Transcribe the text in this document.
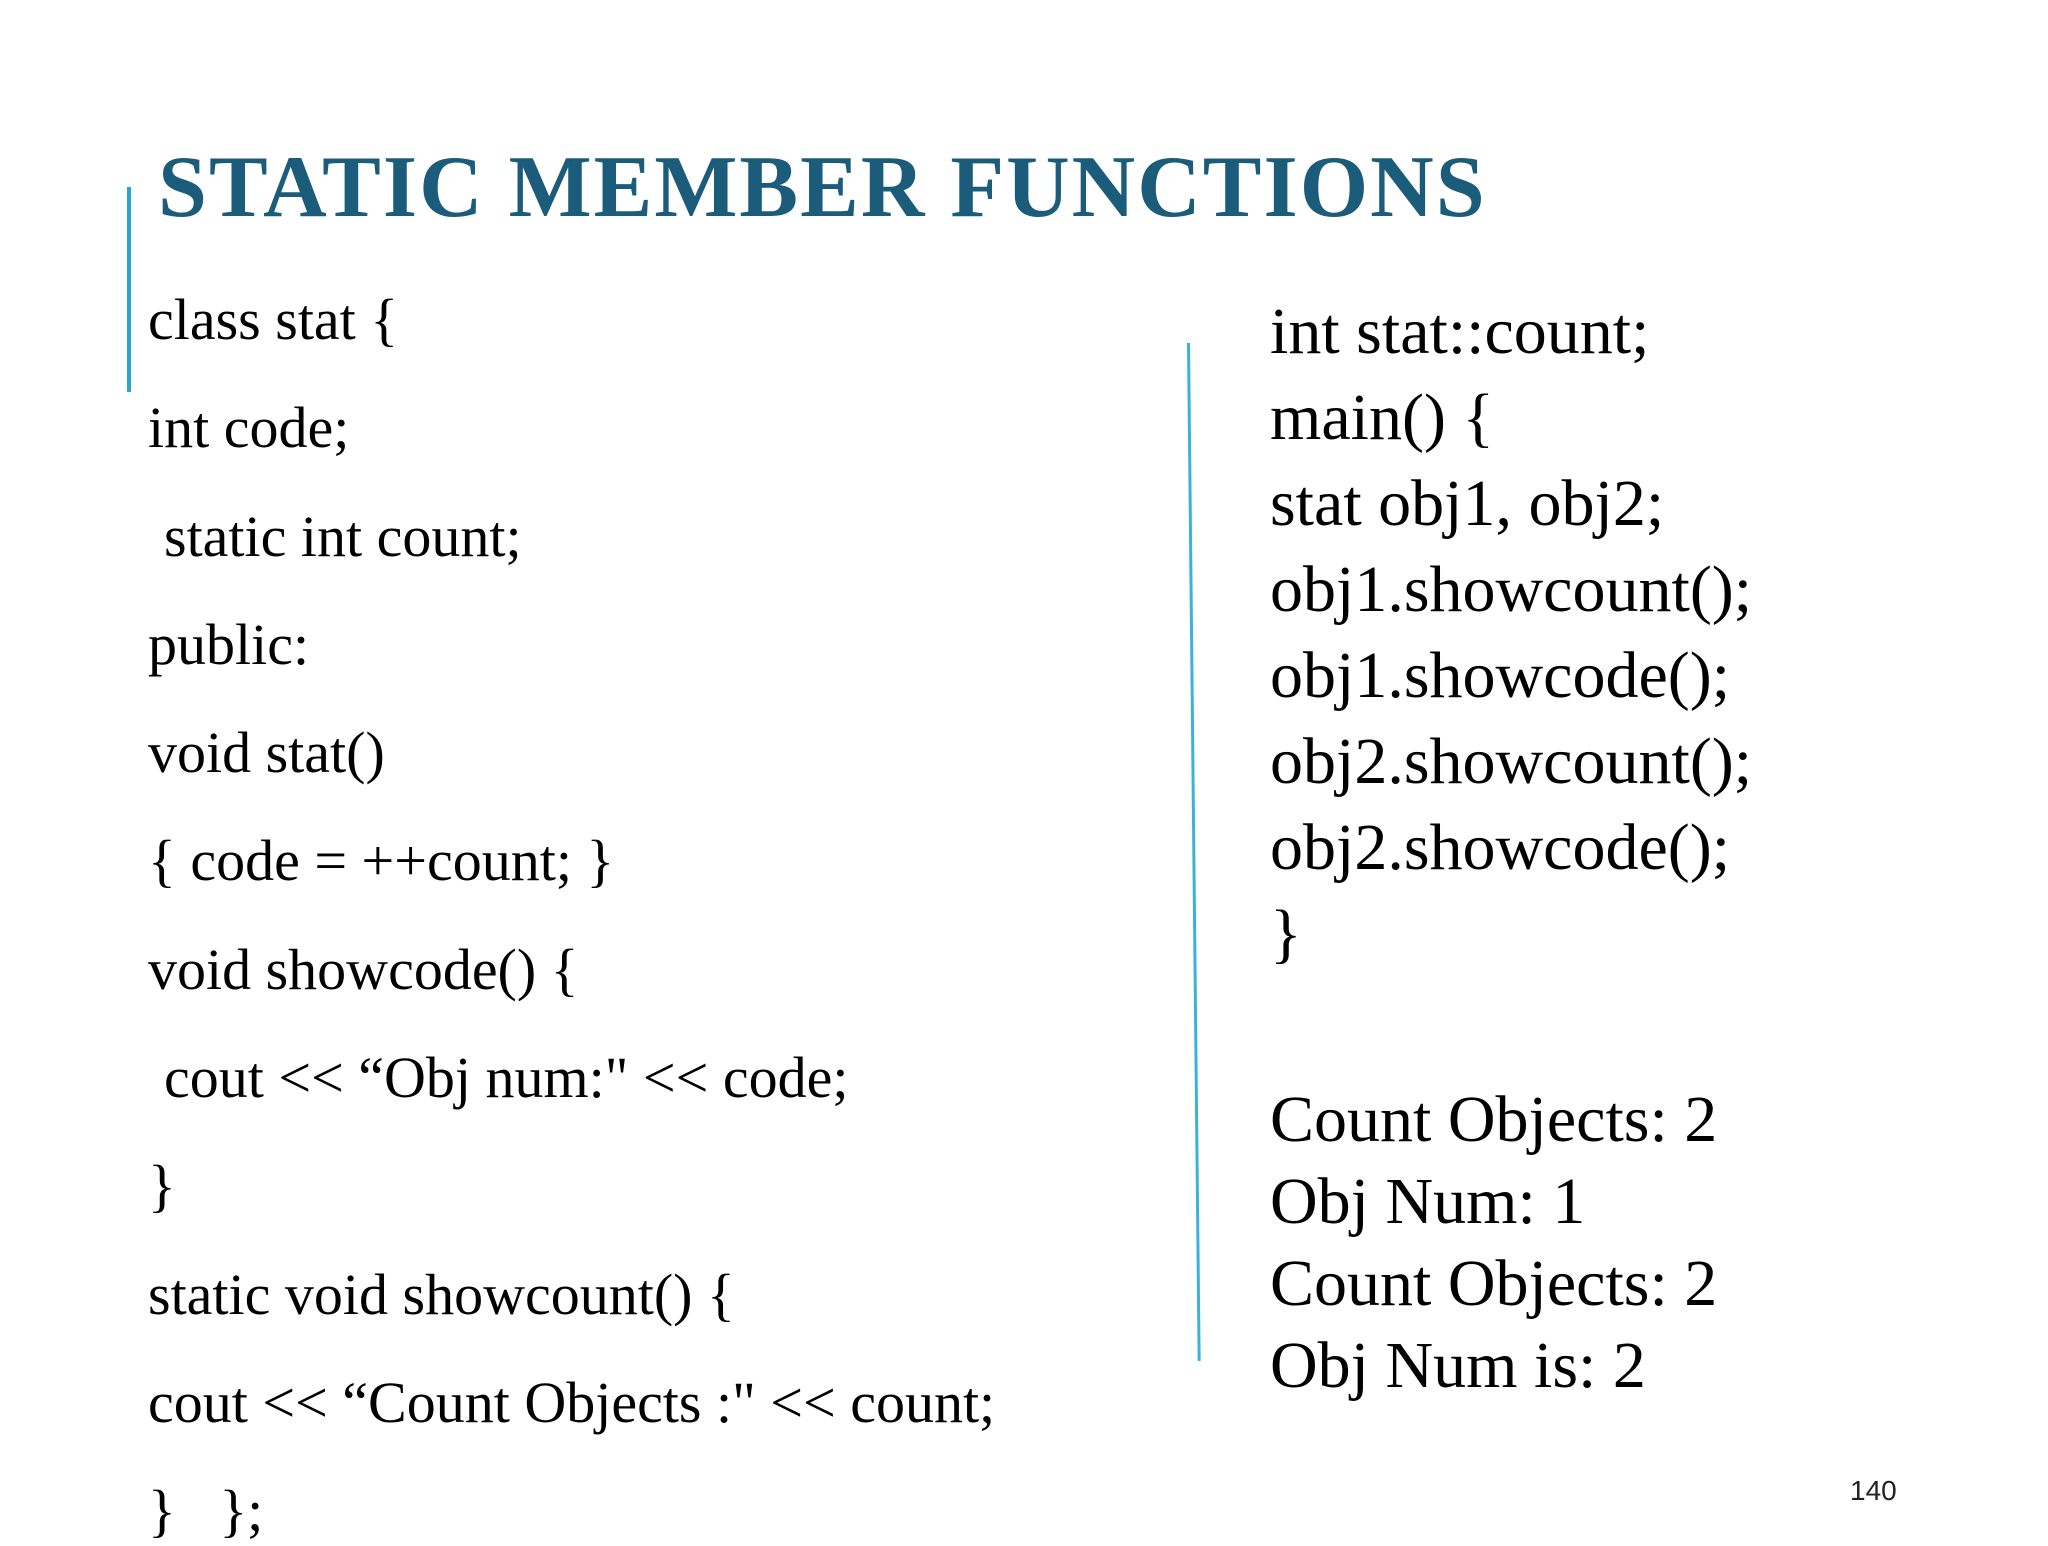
STATIC MEMBER FUNCTIONS
class stat {
int code;
static int count;
public:
void stat()
{ code = ++count; }
void showcode() {
cout << “Obj num:" << code;
}
static void showcount() {
cout << “Count Objects :" << count;
}   };
int stat::count;
main() {
stat obj1, obj2;
obj1.showcount();
obj1.showcode();
obj2.showcount();
obj2.showcode();
}
Count Objects: 2
Obj Num: 1
Count Objects: 2
Obj Num is: 2
140
